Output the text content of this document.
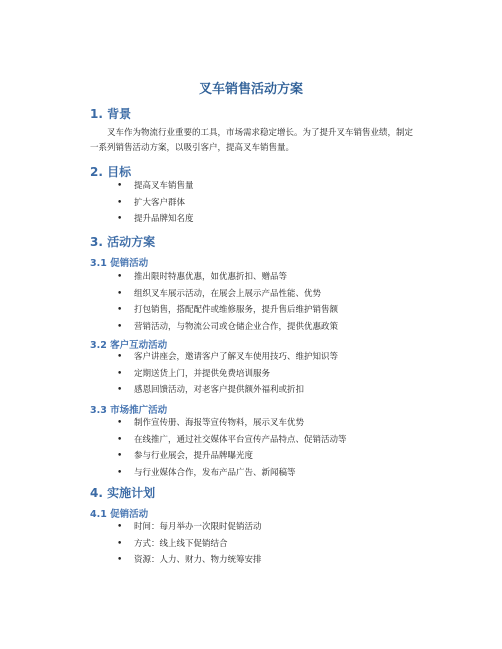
叉车销售活动方案
1. 背景

叉车作为物流行业重要的工具，市场需求稳定增长。为了提升叉车销售业绩，制定一系列销售活动方案，以吸引客户，提高叉车销售量。

2. 目标
• 提高叉车销售量
• 扩大客户群体
• 提升品牌知名度
3. 活动方案
3.1 促销活动
• 推出限时特惠优惠，如优惠折扣、赠品等
• 组织叉车展示活动，在展会上展示产品性能、优势
• 打包销售，搭配配件或维修服务，提升售后维护销售额
• 营销活动，与物流公司或仓储企业合作，提供优惠政策
3.2 客户互动活动
• 客户讲座会，邀请客户了解叉车使用技巧、维护知识等
• 定期送货上门，并提供免费培训服务
• 感恩回馈活动，对老客户提供额外福利或折扣
3.3 市场推广活动
• 制作宣传册、海报等宣传物料，展示叉车优势
• 在线推广，通过社交媒体平台宣传产品特点、促销活动等
• 参与行业展会，提升品牌曝光度
• 与行业媒体合作，发布产品广告、新闻稿等
4. 实施计划
4.1 促销活动
• 时间：每月举办一次限时促销活动
• 方式：线上线下促销结合
• 资源：人力、财力、物力统筹安排
